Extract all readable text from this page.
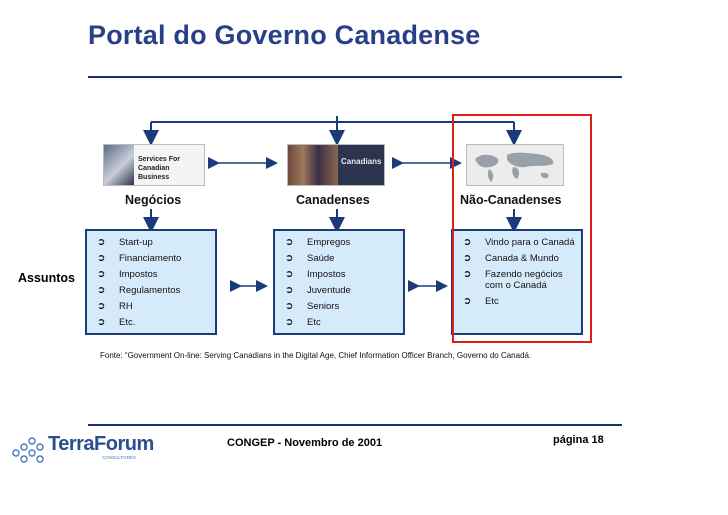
Portal do Governo Canadense
Services For Canadian Business
Canadians
Negócios	Canadenses	Não-Canadenses
Assuntos
➲ Start-up
➲ Financiamento
➲ Impostos
➲ Regulamentos
➲ RH
➲ Etc.
➲ Empregos
➲ Saúde
➲ Impostos
➲ Juventude
➲ Seniors
➲ Etc
➲ Vindo para o Canadá
➲ Canada & Mundo
➲ Fazendo negócios com o Canadá
➲ Etc
Fonte: “Government On-line: Serving Canadians in the Digital Age, Chief Information Officer Branch, Governo do Canadá.
TerraForum
CONSULTORES
CONGEP - Novembro de 2001	página 18
